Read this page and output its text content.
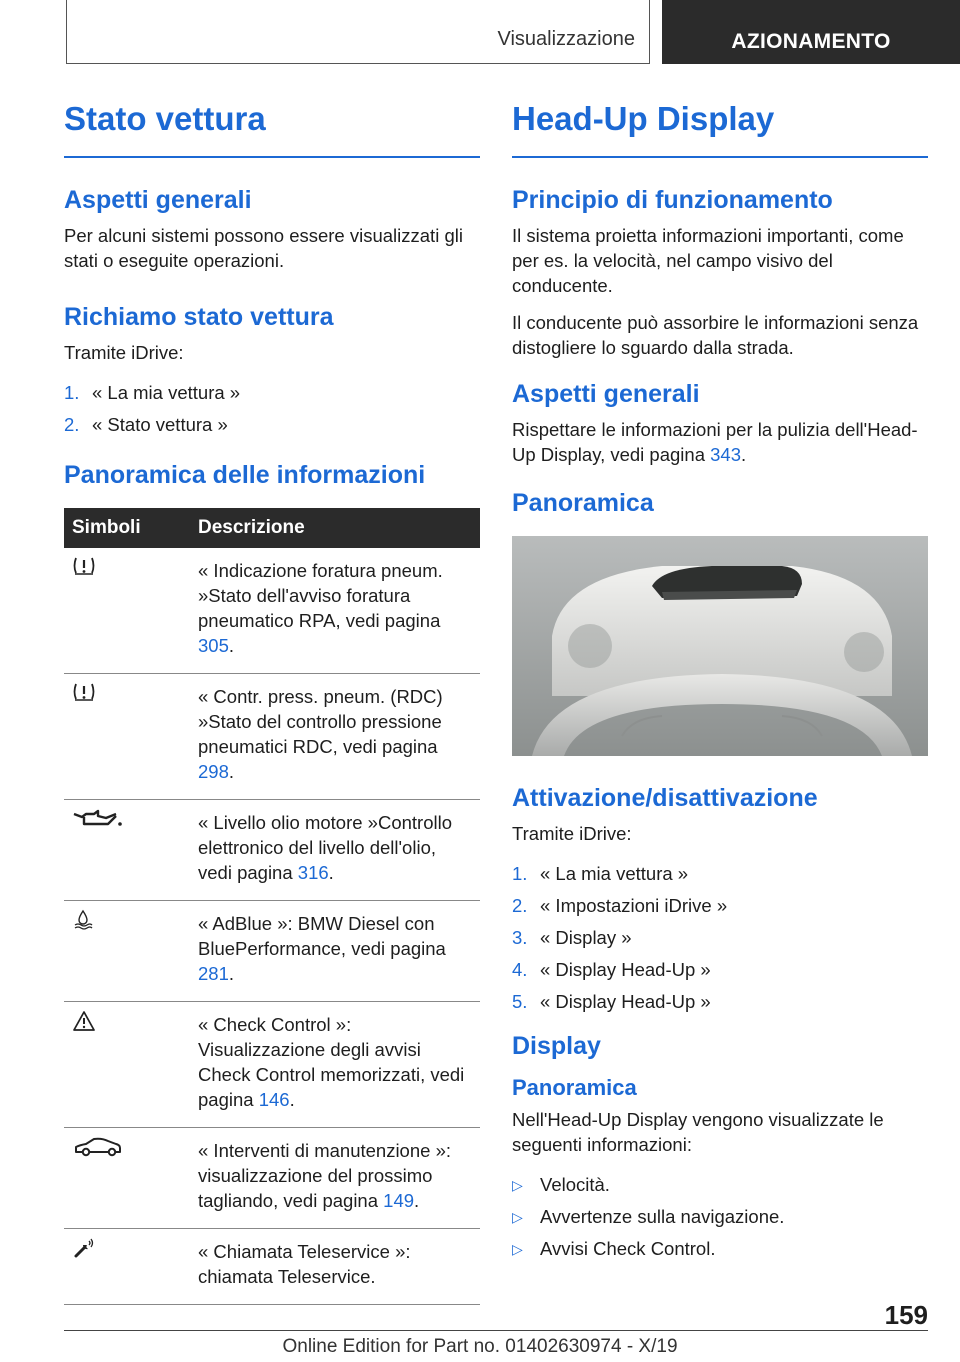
Visualizzazione	AZIONAMENTO
Stato vettura
Aspetti generali

Per alcuni sistemi possono essere visualizzati gli stati o eseguite operazioni.

Richiamo stato vettura

Tramite iDrive:

1. « La mia vettura »
2. « Stato vettura »
Panoramica delle informazioni
Simboli	Descrizione
	« Indicazione foratura pneum. »Stato dell'avviso foratura pneumatico RPA, vedi pagina 305.
	« Contr. press. pneum. (RDC) »Stato del controllo pressione pneumatici RDC, vedi pagina 298.
	« Livello olio motore »Controllo elettronico del livello dell'olio, vedi pagina 316.
	« AdBlue »: BMW Diesel con BluePerformance, vedi pagina 281.
	« Check Control »: Visualizzazione degli avvisi Check Control memorizzati, vedi pagina 146.
	« Interventi di manutenzione »: visualizzazione del prossimo tagliando, vedi pagina 149.
	« Chiamata Teleservice »: chiamata Teleservice.
Head-Up Display
Principio di funzionamento

Il sistema proietta informazioni importanti, come per es. la velocità, nel campo visivo del conducente.

Il conducente può assorbire le informazioni senza distogliere lo sguardo dalla strada.

Aspetti generali

Rispettare le informazioni per la pulizia dell'Head-Up Display, vedi pagina 343.

Panoramica
Attivazione/disattivazione

Tramite iDrive:

1. « La mia vettura »
2. « Impostazioni iDrive »
3. « Display »
4. « Display Head-Up »
5. « Display Head-Up »
Display
Panoramica

Nell'Head-Up Display vengono visualizzate le seguenti informazioni:

▷ Velocità.
▷ Avvertenze sulla navigazione.
▷ Avvisi Check Control.
159
Online Edition for Part no. 01402630974 - X/19
